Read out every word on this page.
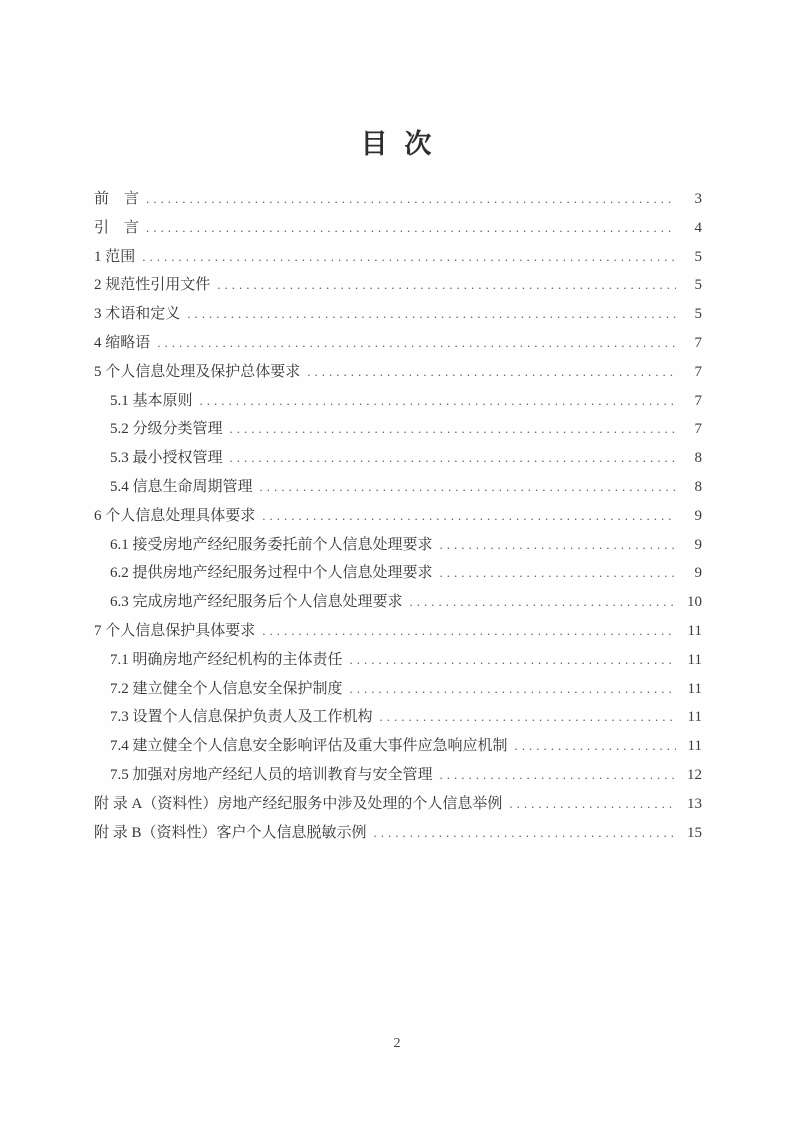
目 次
前　言 .....	3
引　言 .....	4
1 范围 .....	5
2 规范性引用文件 .....	5
3 术语和定义 .....	5
4 缩略语 .....	7
5 个人信息处理及保护总体要求 .....	7
5.1 基本原则 .....	7
5.2 分级分类管理 .....	7
5.3 最小授权管理 .....	8
5.4 信息生命周期管理 .....	8
6 个人信息处理具体要求 .....	9
6.1 接受房地产经纪服务委托前个人信息处理要求 .....	9
6.2 提供房地产经纪服务过程中个人信息处理要求 .....	9
6.3 完成房地产经纪服务后个人信息处理要求 .....	10
7 个人信息保护具体要求 .....	11
7.1 明确房地产经纪机构的主体责任 .....	11
7.2 建立健全个人信息安全保护制度 .....	11
7.3 设置个人信息保护负责人及工作机构 .....	11
7.4 建立健全个人信息安全影响评估及重大事件应急响应机制 .....	11
7.5 加强对房地产经纪人员的培训教育与安全管理 .....	12
附 录 A（资料性）房地产经纪服务中涉及处理的个人信息举例 .....	13
附 录 B（资料性）客户个人信息脱敏示例 .....	15
2
